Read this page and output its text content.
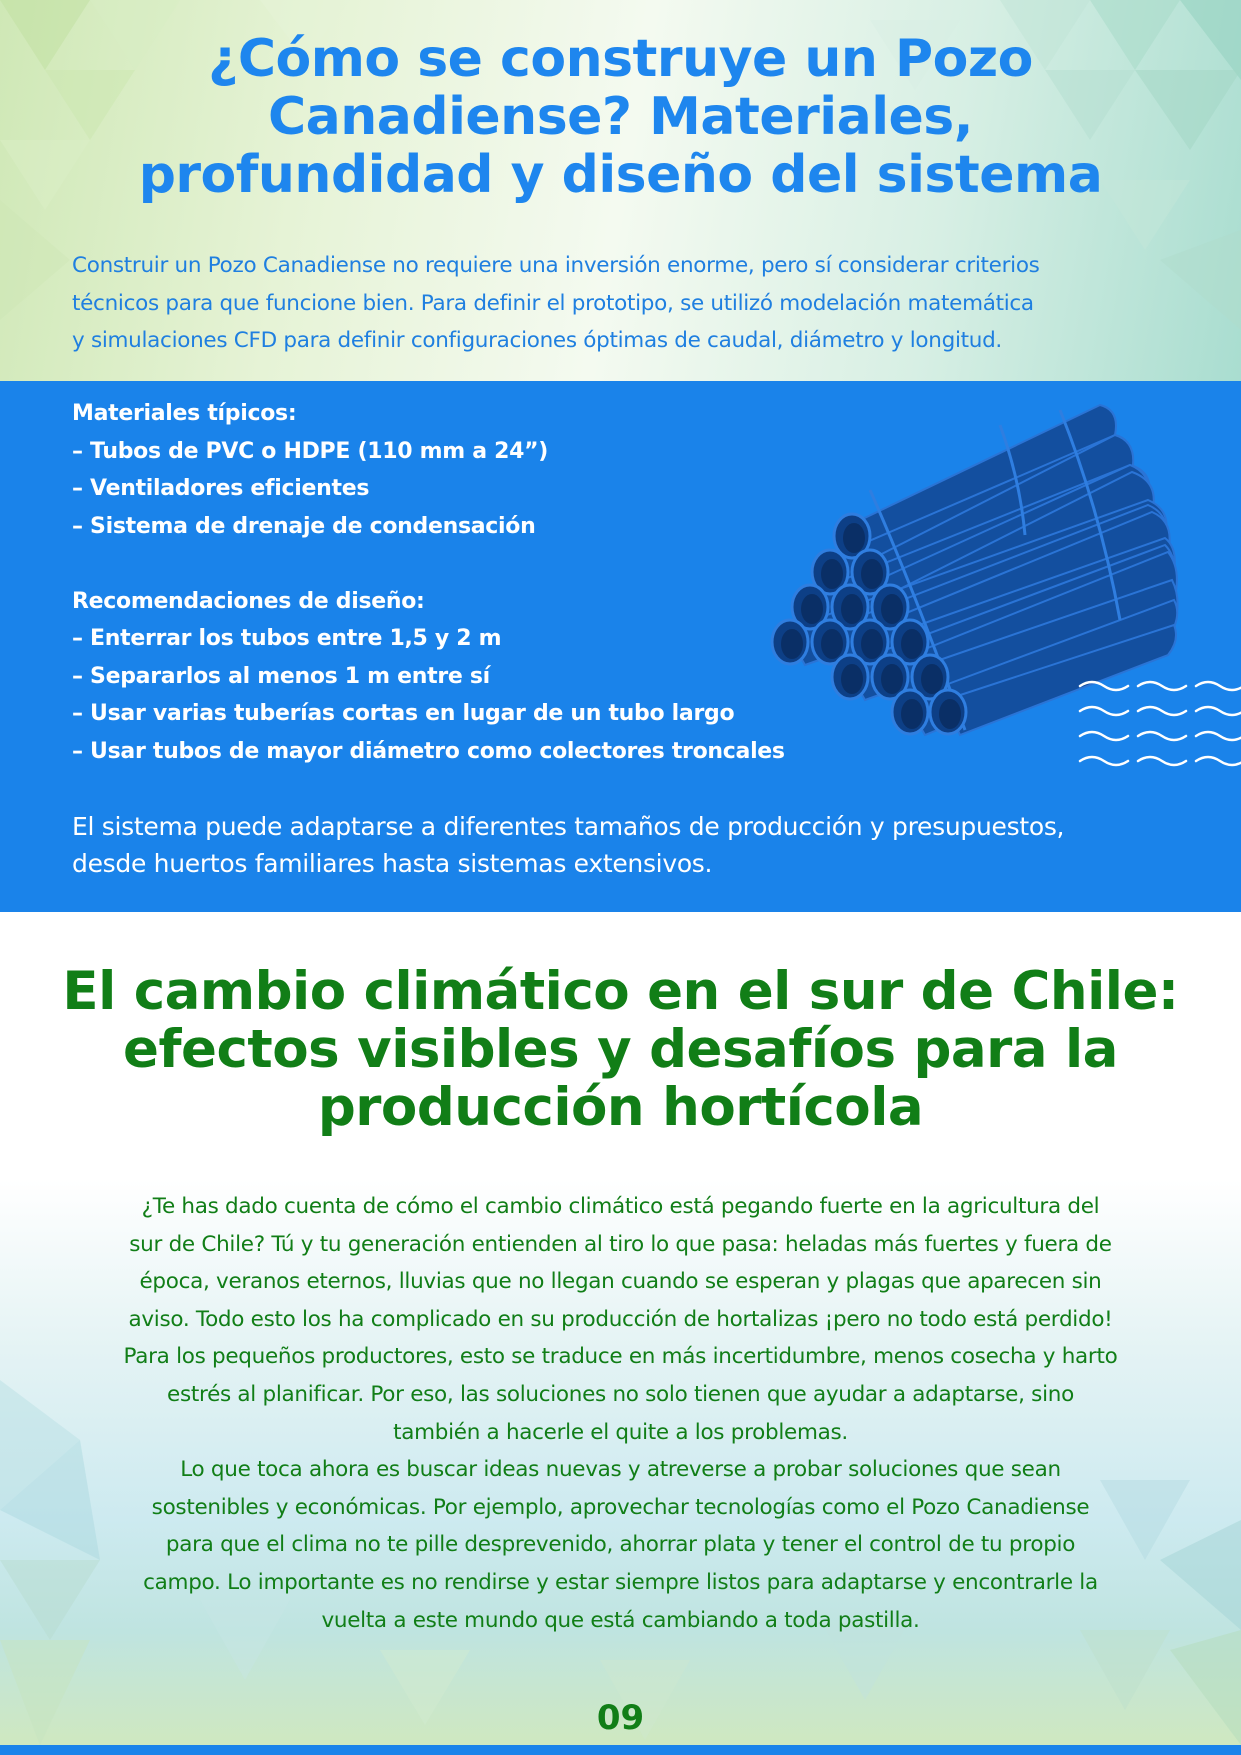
¿Cómo se construye un Pozo
Canadiense? Materiales,
profundidad y diseño del sistema
Construir un Pozo Canadiense no requiere una inversión enorme, pero sí considerar criterios
técnicos para que funcione bien. Para definir el prototipo, se utilizó modelación matemática
y simulaciones CFD para definir configuraciones óptimas de caudal, diámetro y longitud.
Materiales típicos:
– Tubos de PVC o HDPE (110 mm a 24”)
– Ventiladores eficientes
– Sistema de drenaje de condensación
Recomendaciones de diseño:
– Enterrar los tubos entre 1,5 y 2 m
– Separarlos al menos 1 m entre sí
– Usar varias tuberías cortas en lugar de un tubo largo
– Usar tubos de mayor diámetro como colectores troncales
El sistema puede adaptarse a diferentes tamaños de producción y presupuestos,
desde huertos familiares hasta sistemas extensivos.
El cambio climático en el sur de Chile:
efectos visibles y desafíos para la
producción hortícola
¿Te has dado cuenta de cómo el cambio climático está pegando fuerte en la agricultura del
sur de Chile? Tú y tu generación entienden al tiro lo que pasa: heladas más fuertes y fuera de
época, veranos eternos, lluvias que no llegan cuando se esperan y plagas que aparecen sin
aviso. Todo esto los ha complicado en su producción de hortalizas ¡pero no todo está perdido!
Para los pequeños productores, esto se traduce en más incertidumbre, menos cosecha y harto
estrés al planificar. Por eso, las soluciones no solo tienen que ayudar a adaptarse, sino
también a hacerle el quite a los problemas.
Lo que toca ahora es buscar ideas nuevas y atreverse a probar soluciones que sean
sostenibles y económicas. Por ejemplo, aprovechar tecnologías como el Pozo Canadiense
para que el clima no te pille desprevenido, ahorrar plata y tener el control de tu propio
campo. Lo importante es no rendirse y estar siempre listos para adaptarse y encontrarle la
vuelta a este mundo que está cambiando a toda pastilla.
09
